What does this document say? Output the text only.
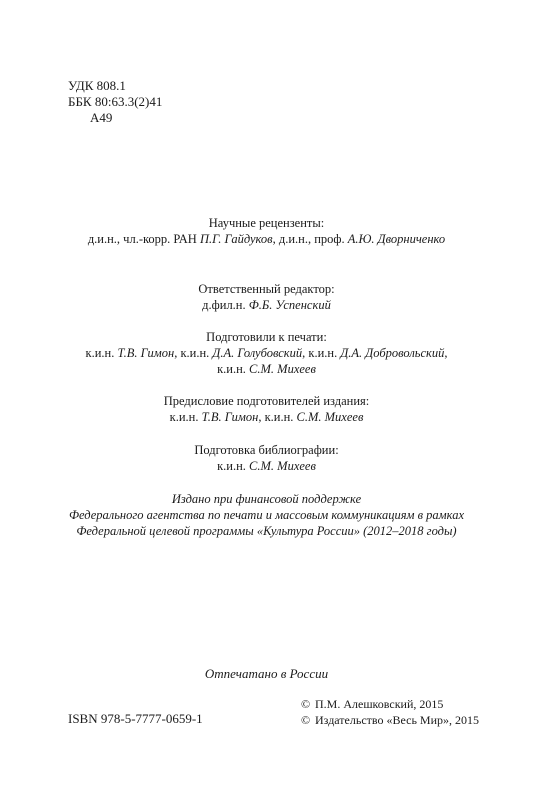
УДК 808.1
ББК 80:63.3(2)41
А49
Научные рецензенты:
д.и.н., чл.-корр. РАН П.Г. Гайдуков, д.и.н., проф. А.Ю. Дворниченко
Ответственный редактор:
д.фил.н. Ф.Б. Успенский
Подготовили к печати:
к.и.н. Т.В. Гимон, к.и.н. Д.А. Голубовский, к.и.н. Д.А. Добровольский,
к.и.н. С.М. Михеев
Предисловие подготовителей издания:
к.и.н. Т.В. Гимон, к.и.н. С.М. Михеев
Подготовка библиографии:
к.и.н. С.М. Михеев
Издано при финансовой поддержке
Федерального агентства по печати и массовым коммуникациям в рамках
Федеральной целевой программы «Культура России» (2012–2018 годы)
Отпечатано в России
ISBN 978-5-7777-0659-1
© П.М. Алешковский, 2015
© Издательство «Весь Мир», 2015
